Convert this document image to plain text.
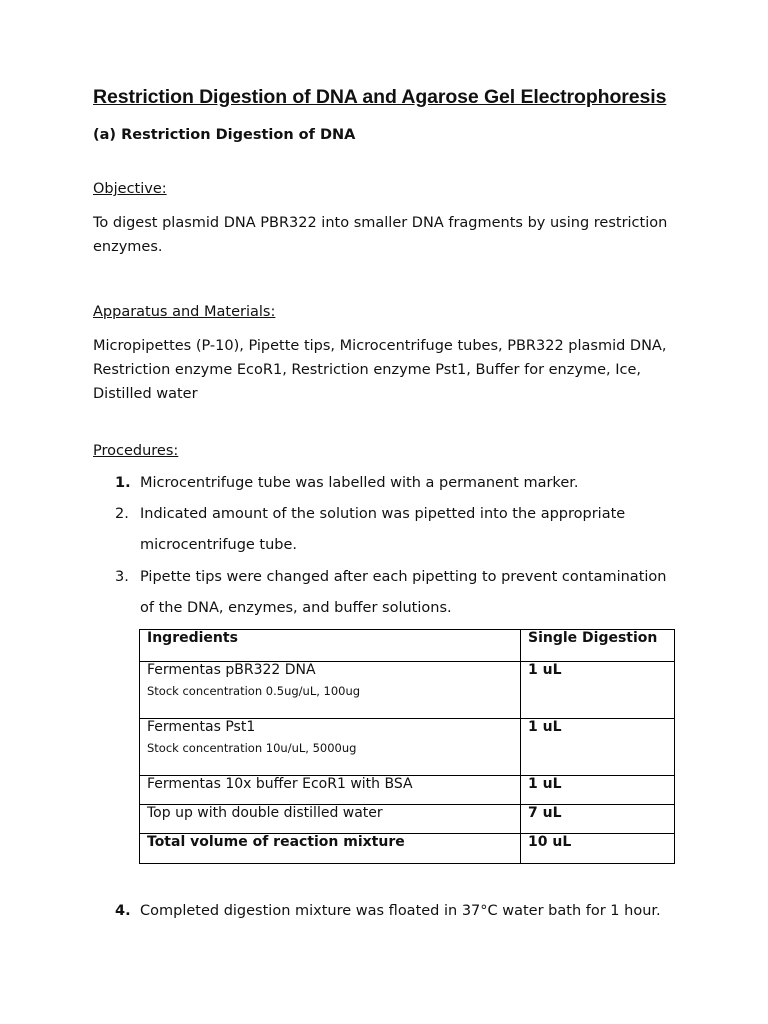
Restriction Digestion of DNA and Agarose Gel Electrophoresis
(a) Restriction Digestion of DNA
Objective:
To digest plasmid DNA PBR322 into smaller DNA fragments by using restriction enzymes.
Apparatus and Materials:
Micropipettes (P-10), Pipette tips, Microcentrifuge tubes, PBR322 plasmid DNA, Restriction enzyme EcoR1, Restriction enzyme Pst1, Buffer for enzyme, Ice, Distilled water
Procedures:
1. Microcentrifuge tube was labelled with a permanent marker.
2. Indicated amount of the solution was pipetted into the appropriate microcentrifuge tube.
3. Pipette tips were changed after each pipetting to prevent contamination of the DNA, enzymes, and buffer solutions.
Ingredients	Single Digestion

Fermentas pBR322 DNA
Stock concentration 0.5ug/uL, 100ug	1 uL

Fermentas Pst1
Stock concentration 10u/uL, 5000ug	1 uL
Fermentas 10x buffer EcoR1 with BSA	1 uL
Top up with double distilled water	7 uL
Total volume of reaction mixture	10 uL
4. Completed digestion mixture was floated in 37°C water bath for 1 hour.
